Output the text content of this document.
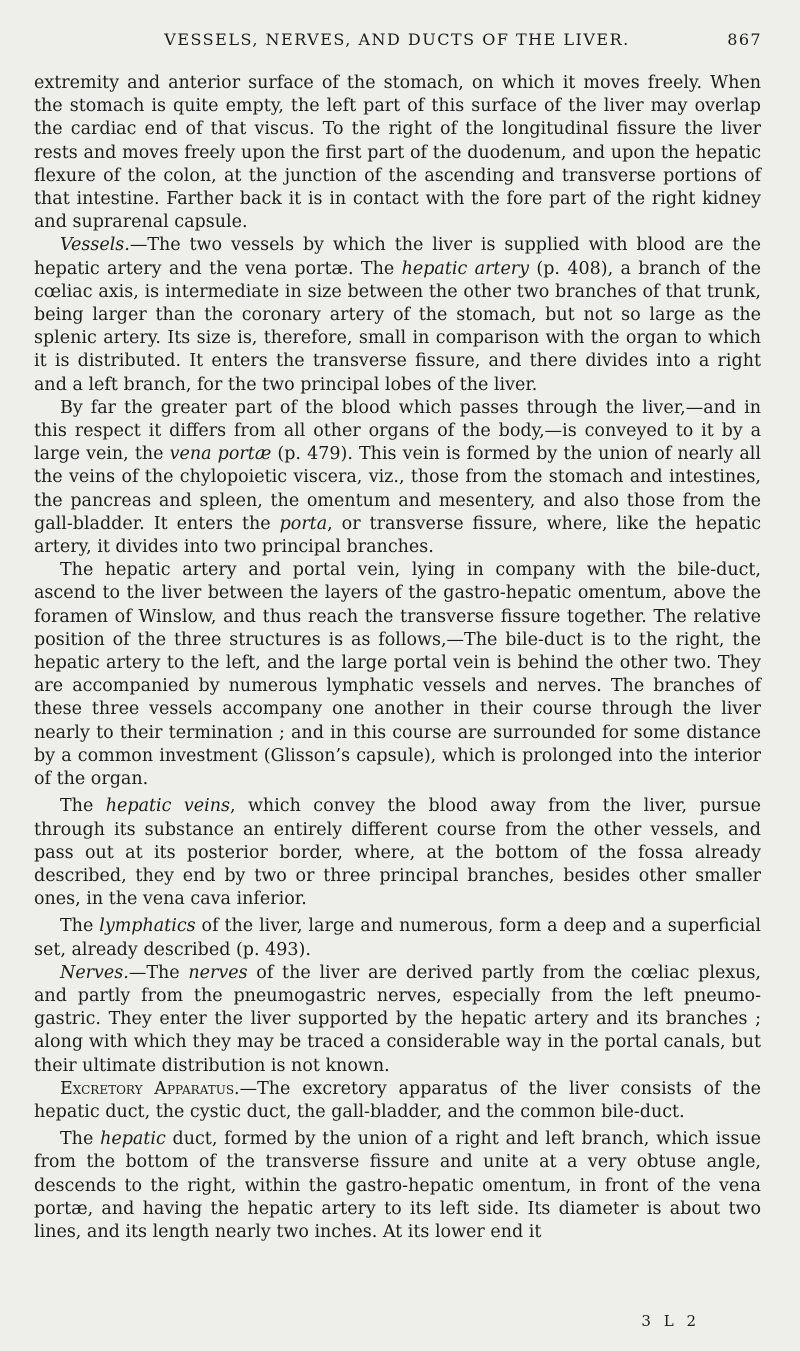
VESSELS, NERVES, AND DUCTS OF THE LIVER.	867

extremity and anterior surface of the stomach, on which it moves freely. When the stomach is quite empty, the left part of this surface of the liver may overlap the cardiac end of that viscus. To the right of the longitudinal fissure the liver rests and moves freely upon the first part of the duodenum, and upon the hepatic flexure of the colon, at the junction of the ascending and transverse portions of that intestine. Farther back it is in contact with the fore part of the right kidney and suprarenal capsule.

Vessels.—The two vessels by which the liver is supplied with blood are the hepatic artery and the vena portæ. The hepatic artery (p. 408), a branch of the cœliac axis, is intermediate in size between the other two branches of that trunk, being larger than the coronary artery of the stomach, but not so large as the splenic artery. Its size is, therefore, small in comparison with the organ to which it is distributed. It enters the transverse fissure, and there divides into a right and a left branch, for the two principal lobes of the liver.

By far the greater part of the blood which passes through the liver,—and in this respect it differs from all other organs of the body,—is conveyed to it by a large vein, the vena portæ (p. 479). This vein is formed by the union of nearly all the veins of the chylopoietic viscera, viz., those from the stomach and intestines, the pancreas and spleen, the omentum and mesentery, and also those from the gall-bladder. It enters the porta, or transverse fissure, where, like the hepatic artery, it divides into two principal branches.

The hepatic artery and portal vein, lying in company with the bile-duct, ascend to the liver between the layers of the gastro-hepatic omentum, above the foramen of Winslow, and thus reach the transverse fissure together. The relative position of the three structures is as follows,—The bile-duct is to the right, the hepatic artery to the left, and the large portal vein is behind the other two. They are accompanied by numerous lymphatic vessels and nerves. The branches of these three vessels accompany one another in their course through the liver nearly to their termination ; and in this course are surrounded for some distance by a common investment (Glisson’s capsule), which is prolonged into the interior of the organ.

The hepatic veins, which convey the blood away from the liver, pursue through its substance an entirely different course from the other vessels, and pass out at its posterior border, where, at the bottom of the fossa already described, they end by two or three principal branches, besides other smaller ones, in the vena cava inferior.

The lymphatics of the liver, large and numerous, form a deep and a superficial set, already described (p. 493).

Nerves.—The nerves of the liver are derived partly from the cœliac plexus, and partly from the pneumogastric nerves, especially from the left pneumogastric. They enter the liver supported by the hepatic artery and its branches ; along with which they may be traced a considerable way in the portal canals, but their ultimate distribution is not known.

Excretory Apparatus.—The excretory apparatus of the liver consists of the hepatic duct, the cystic duct, the gall-bladder, and the common bile-duct.

The hepatic duct, formed by the union of a right and left branch, which issue from the bottom of the transverse fissure and unite at a very obtuse angle, descends to the right, within the gastro-hepatic omentum, in front of the vena portæ, and having the hepatic artery to its left side. Its diameter is about two lines, and its length nearly two inches. At its lower end it

3 L 2
